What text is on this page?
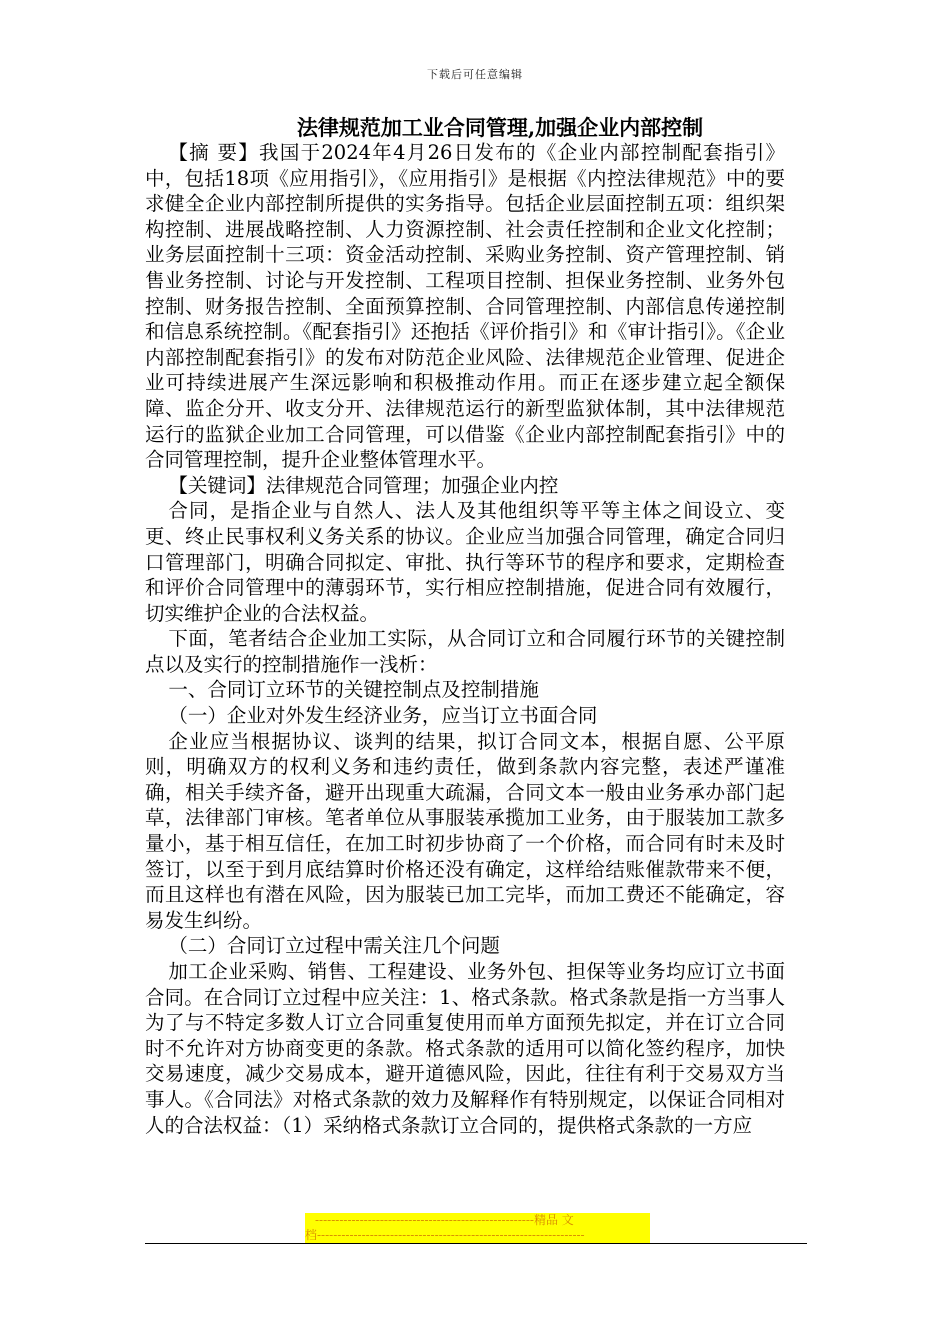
下载后可任意编辑
法律规范加工业合同管理,加强企业内部控制

【摘 要】我国于2024年4月26日发布的《企业内部控制配套指引》中，包括18项《应用指引》，《应用指引》是根据《内控法律规范》中的要求健全企业内部控制所提供的实务指导。包括企业层面控制五项：组织架构控制、进展战略控制、人力资源控制、社会责任控制和企业文化控制；业务层面控制十三项：资金活动控制、采购业务控制、资产管理控制、销售业务控制、讨论与开发控制、工程项目控制、担保业务控制、业务外包控制、财务报告控制、全面预算控制、合同管理控制、内部信息传递控制和信息系统控制。《配套指引》还抱括《评价指引》和《审计指引》。《企业内部控制配套指引》的发布对防范企业风险、法律规范企业管理、促进企业可持续进展产生深远影响和积极推动作用。而正在逐步建立起全额保障、监企分开、收支分开、法律规范运行的新型监狱体制，其中法律规范运行的监狱企业加工合同管理，可以借鉴《企业内部控制配套指引》中的合同管理控制，提升企业整体管理水平。

【关键词】法律规范合同管理；加强企业内控

合同，是指企业与自然人、法人及其他组织等平等主体之间设立、变更、终止民事权利义务关系的协议。企业应当加强合同管理，确定合同归口管理部门，明确合同拟定、审批、执行等环节的程序和要求，定期检查和评价合同管理中的薄弱环节，实行相应控制措施，促进合同有效履行，切实维护企业的合法权益。

下面，笔者结合企业加工实际，从合同订立和合同履行环节的关键控制点以及实行的控制措施作一浅析：

一、合同订立环节的关键控制点及控制措施

（一）企业对外发生经济业务，应当订立书面合同

企业应当根据协议、谈判的结果，拟订合同文本，根据自愿、公平原则，明确双方的权利义务和违约责任，做到条款内容完整，表述严谨准确，相关手续齐备，避开出现重大疏漏，合同文本一般由业务承办部门起草，法律部门审核。笔者单位从事服装承揽加工业务，由于服装加工款多量小，基于相互信任，在加工时初步协商了一个价格，而合同有时未及时签订，以至于到月底结算时价格还没有确定，这样给结账催款带来不便，而且这样也有潜在风险，因为服装已加工完毕，而加工费还不能确定，容易发生纠纷。

（二）合同订立过程中需关注几个问题

加工企业采购、销售、工程建设、业务外包、担保等业务均应订立书面合同。在合同订立过程中应关注：1、格式条款。格式条款是指一方当事人为了与不特定多数人订立合同重复使用而单方面预先拟定，并在订立合同时不允许对方协商变更的条款。格式条款的适用可以简化签约程序，加快交易速度，减少交易成本，避开道德风险，因此，往往有利于交易双方当事人。《合同法》对格式条款的效力及解释作有特别规定，以保证合同相对人的合法权益：（1）采纳格式条款订立合同的，提供格式条款的一方应

------------------------------------------------------精品 文
档------------------------------------------------------------------
